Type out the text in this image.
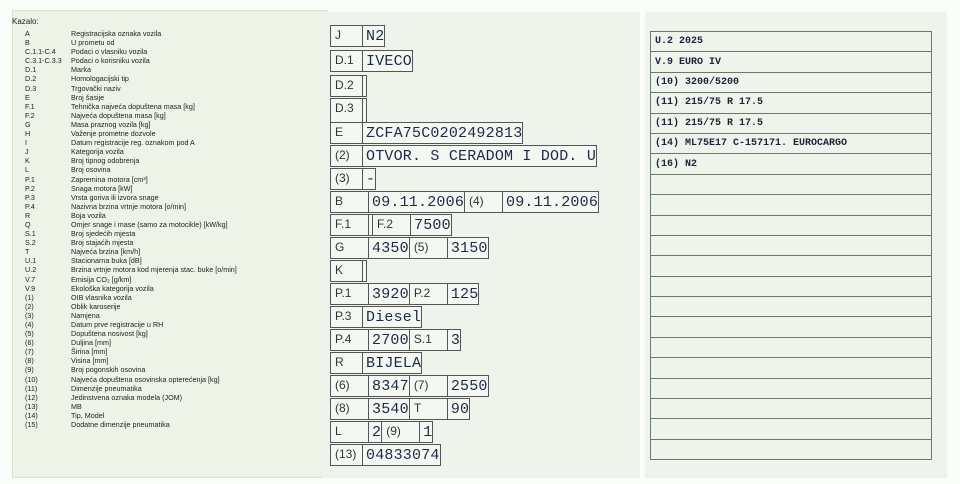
Kazalo:
A	Registracijska oznaka vozila
B	U prometu od
C.1.1-C.4	Podaci o vlasniku vozila
C.3.1-C.3.3	Podaci o korisniku vozila
D.1	Marka
D.2	Homologacijski tip
D.3	Trgovački naziv
E	Broj šasije
F.1	Tehnička najveća dopuštena masa [kg]
F.2	Najveća dopuštena masa [kg]
G	Masa praznog vozila [kg]
H	Važenje prometne dozvole
I	Datum registracije reg. oznakom pod A
J	Kategorija vozila
K	Broj tipnog odobrenja
L	Broj osovina
P.1	Zapremina motora [cm³]
P.2	Snaga motora [kW]
P.3	Vrsta goriva ili izvora snage
P.4	Nazivna brzina vrtnje motora [o/min]
R	Boja vozila
Q	Omjer snage i mase (samo za motocikle) [kW/kg]
S.1	Broj sjedećih mjesta
S.2	Broj stajaćih mjesta
T	Najveća brzina [km/h]
U.1	Stacionarna buka [dB]
U.2	Brzina vrtnje motora kod mjerenja stac. buke [o/min]
V.7	Emisija CO₂ [g/km]
V.9	Ekološka kategorija vozila
(1)	OIB vlasnika vozila
(2)	Oblik karoserije
(3)	Namjena
(4)	Datum prve registracije u RH
(5)	Dopuštena nosivost [kg]
(6)	Duljina [mm]
(7)	Širina [mm]
(8)	Visina [mm]
(9)	Broj pogonskih osovina
(10)	Najveća dopuštena osovinska opterećenja [kg]
(11)	Dimenzije pneumatika
(12)	Jedinstvena oznaka modela (JOM)
(13)	MB
(14)	Tip, Model
(15)	Dodatne dimenzije pneumatika
J	N2
D.1 IVECO
D.2
D.3
E	ZCFA75C0202492813
(2)	OTVOR. S CERADOM I DOD. U
(3)	-
B	09.11.2006 (4)	09.11.2006
F.1	F.2	7500
G	4350 (5)	3150
K
P.1	3920 P.2	125
P.3 Diesel
P.4	2700 S.1	3
R	BIJELA
(6)	8347 (7)	2550
(8)	3540 T	90
L	2 (9)	1
(13) 04833074
U.2 2025
V.9 EURO IV
(10) 3200/5200
(11) 215/75 R 17.5
(11) 215/75 R 17.5
(14) ML75E17 C-157171. EUROCARGO
(16) N2
